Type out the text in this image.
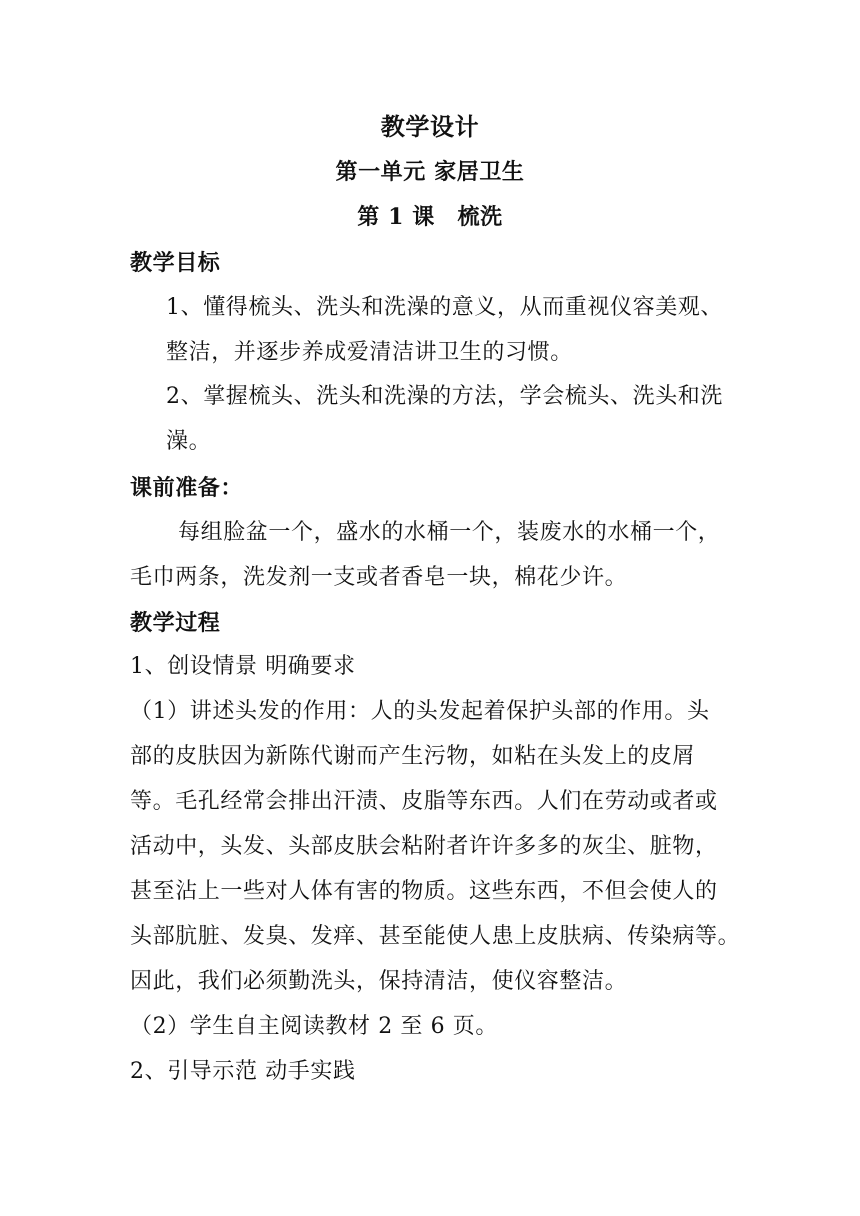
教学设计
第一单元 家居卫生
第 1 课　梳洗
教学目标
1、懂得梳头、洗头和洗澡的意义，从而重视仪容美观、
整洁，并逐步养成爱清洁讲卫生的习惯。
2、掌握梳头、洗头和洗澡的方法，学会梳头、洗头和洗
澡。
课前准备：
每组脸盆一个，盛水的水桶一个，装废水的水桶一个，
毛巾两条，洗发剂一支或者香皂一块，棉花少许。
教学过程
1、创设情景 明确要求
（1）讲述头发的作用：人的头发起着保护头部的作用。头
部的皮肤因为新陈代谢而产生污物，如粘在头发上的皮屑
等。毛孔经常会排出汗渍、皮脂等东西。人们在劳动或者或
活动中，头发、头部皮肤会粘附者许许多多的灰尘、脏物，
甚至沾上一些对人体有害的物质。这些东西，不但会使人的
头部肮脏、发臭、发痒、甚至能使人患上皮肤病、传染病等。
因此，我们必须勤洗头，保持清洁，使仪容整洁。
（2）学生自主阅读教材 2 至 6 页。
2、引导示范 动手实践
